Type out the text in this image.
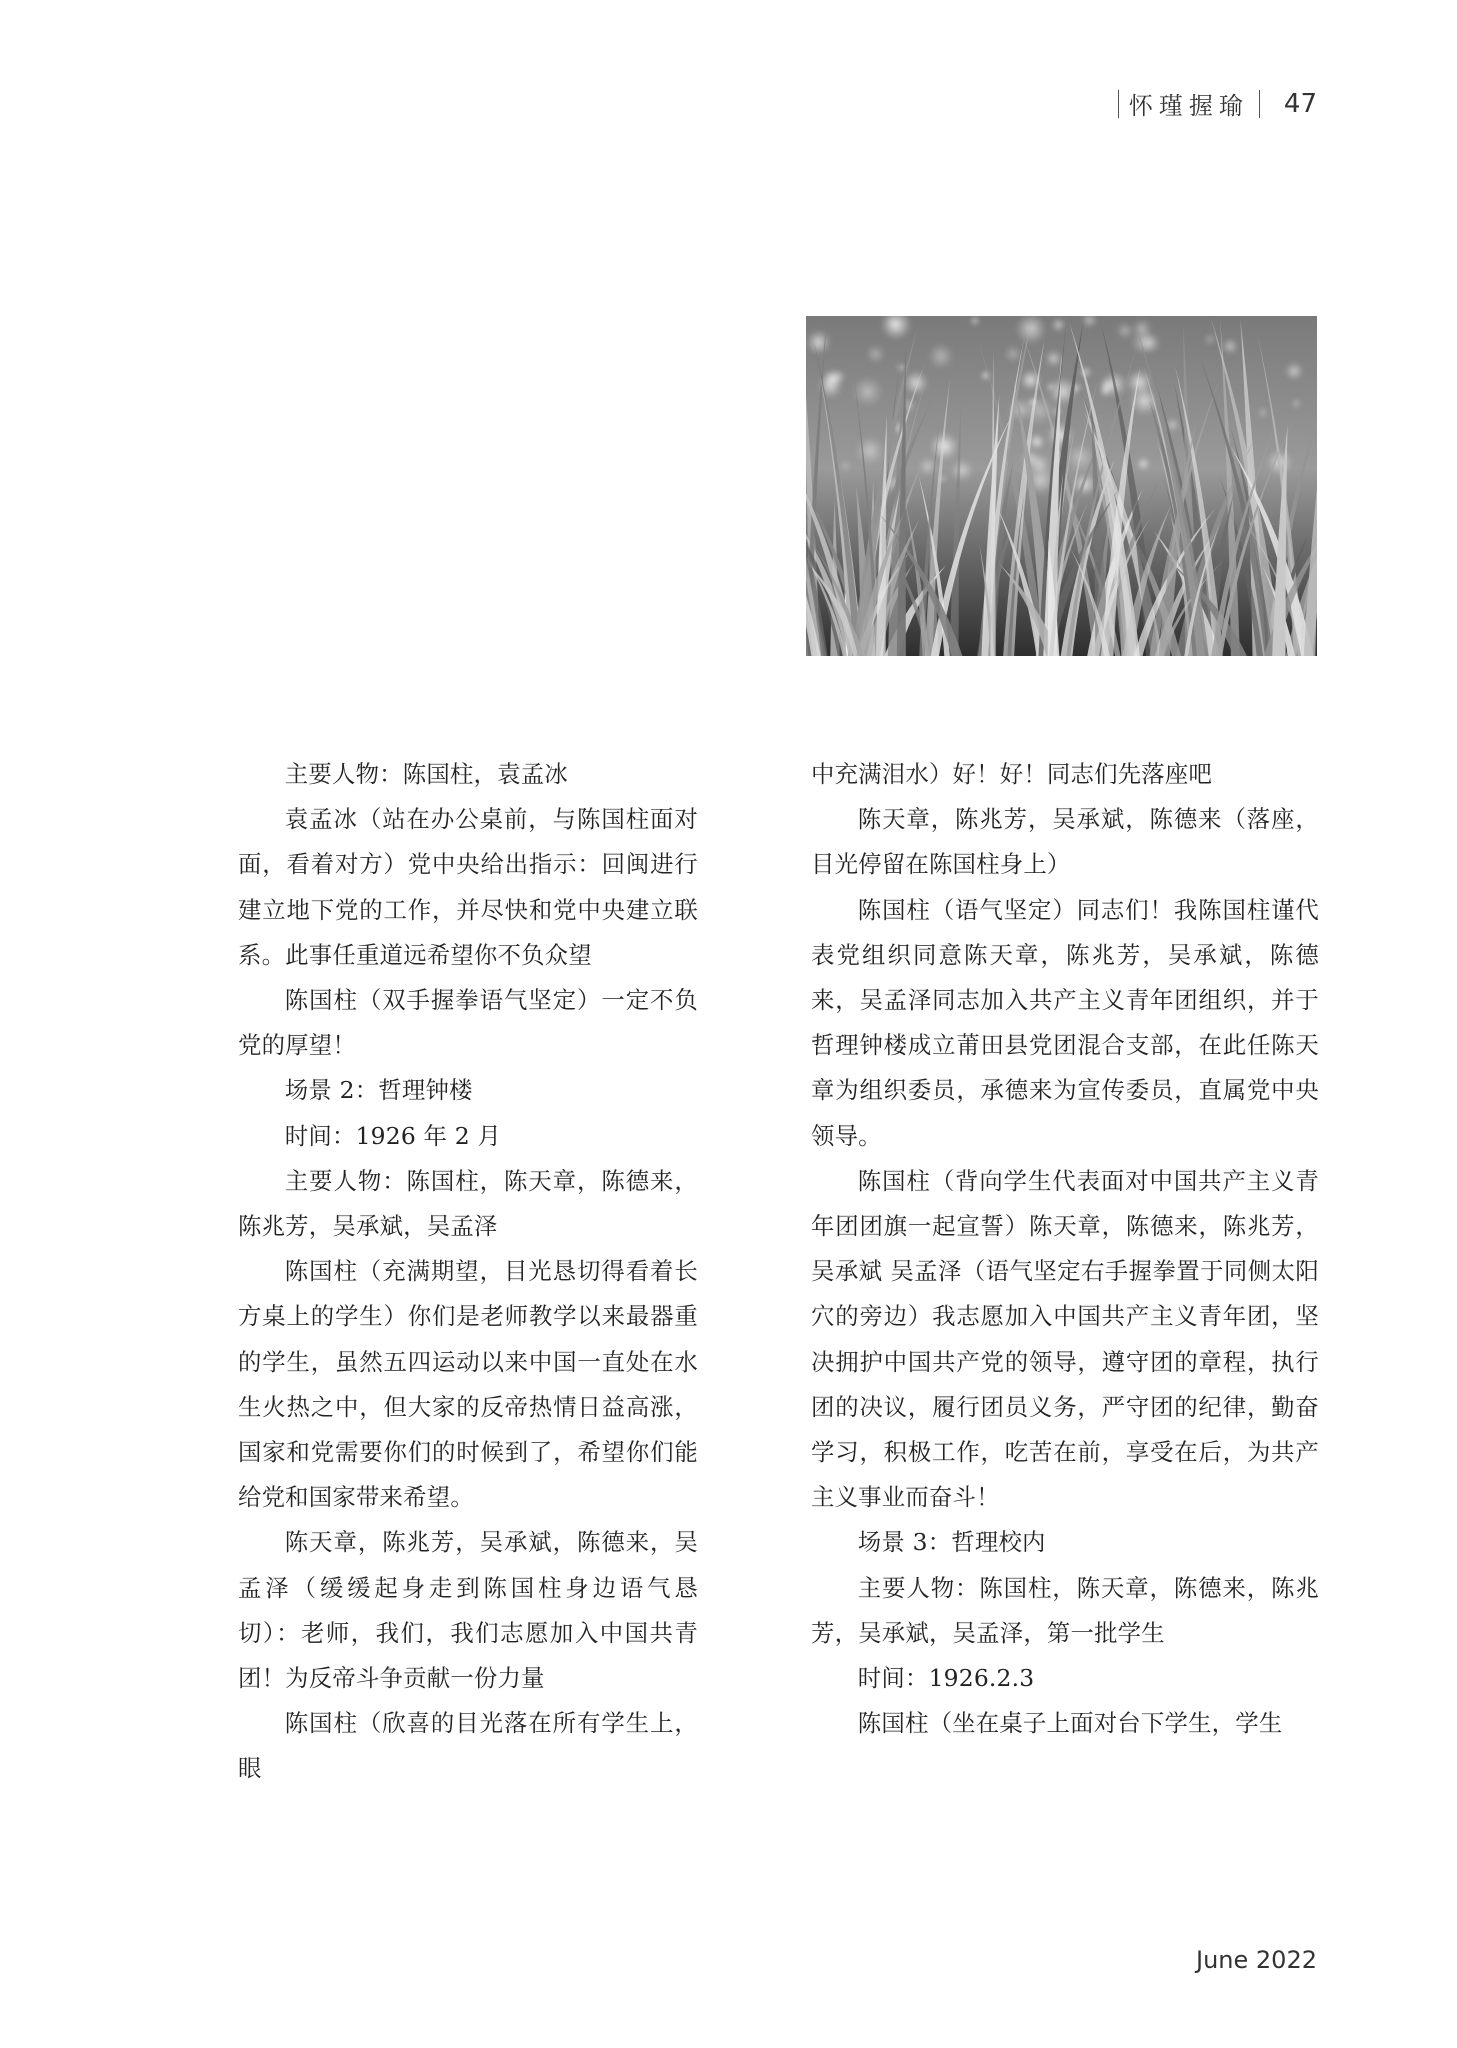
怀瑾握瑜 47

主要人物：陈国柱，袁孟冰

袁孟冰（站在办公桌前，与陈国柱面对面，看着对方）党中央给出指示：回闽进行建立地下党的工作，并尽快和党中央建立联系。此事任重道远希望你不负众望

陈国柱（双手握拳语气坚定）一定不负党的厚望！

场景 2：哲理钟楼

时间：1926 年 2 月

主要人物：陈国柱，陈天章，陈德来，陈兆芳，吴承斌，吴孟泽

陈国柱（充满期望，目光恳切得看着长方桌上的学生）你们是老师教学以来最器重的学生，虽然五四运动以来中国一直处在水生火热之中，但大家的反帝热情日益高涨，国家和党需要你们的时候到了，希望你们能给党和国家带来希望。

陈天章，陈兆芳，吴承斌，陈德来，吴孟泽（缓缓起身走到陈国柱身边语气恳切）：老师，我们，我们志愿加入中国共青团！为反帝斗争贡献一份力量

陈国柱（欣喜的目光落在所有学生上，眼

中充满泪水）好！好！同志们先落座吧

陈天章，陈兆芳，吴承斌，陈德来（落座，目光停留在陈国柱身上）

陈国柱（语气坚定）同志们！我陈国柱谨代表党组织同意陈天章，陈兆芳，吴承斌，陈德来，吴孟泽同志加入共产主义青年团组织，并于哲理钟楼成立莆田县党团混合支部，在此任陈天章为组织委员，承德来为宣传委员，直属党中央领导。

陈国柱（背向学生代表面对中国共产主义青年团团旗一起宣誓）陈天章，陈德来，陈兆芳，吴承斌 吴孟泽（语气坚定右手握拳置于同侧太阳穴的旁边）我志愿加入中国共产主义青年团，坚决拥护中国共产党的领导，遵守团的章程，执行团的决议，履行团员义务，严守团的纪律，勤奋学习，积极工作，吃苦在前，享受在后，为共产主义事业而奋斗！

场景 3：哲理校内

主要人物：陈国柱，陈天章，陈德来，陈兆芳，吴承斌，吴孟泽，第一批学生

时间：1926.2.3

陈国柱（坐在桌子上面对台下学生，学生

June 2022
